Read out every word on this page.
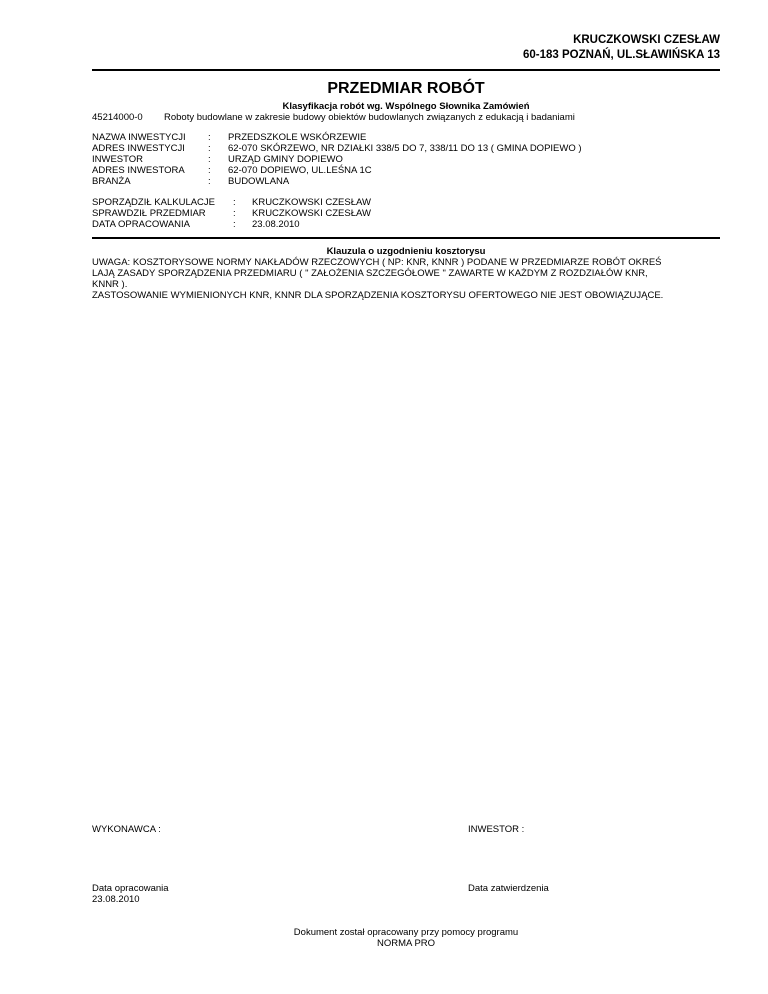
KRUCZKOWSKI CZESŁAW
60-183 POZNAŃ, UL.SŁAWIŃSKA 13
PRZEDMIAR ROBÓT
Klasyfikacja robót wg. Wspólnego Słownika Zamówień
45214000-0 Roboty budowlane w zakresie budowy obiektów budowlanych związanych z edukacją i badaniami
NAZWA INWESTYCJI	: PRZEDSZKOLE WSKÓRZEWIE
ADRES INWESTYCJI	: 62-070 SKÓRZEWO, NR DZIAŁKI 338/5 DO 7, 338/11 DO 13 ( GMINA DOPIEWO )
INWESTOR	: URZĄD GMINY DOPIEWO
ADRES INWESTORA	: 62-070 DOPIEWO, UL.LEŚNA 1C
BRANŻA	: BUDOWLANA
SPORZĄDZIŁ KALKULACJE : KRUCZKOWSKI CZESŁAW
SPRAWDZIŁ PRZEDMIAR	: KRUCZKOWSKI CZESŁAW
DATA OPRACOWANIA	: 23.08.2010
Klauzula o uzgodnieniu kosztorysu
UWAGA: KOSZTORYSOWE NORMY NAKŁADÓW RZECZOWYCH ( NP: KNR, KNNR ) PODANE W PRZEDMIARZE ROBÓT OKREŚ
LAJĄ ZASADY SPORZĄDZENIA PRZEDMIARU ( " ZAŁOŻENIA SZCZEGÓŁOWE " ZAWARTE W KAŻDYM Z ROZDZIAŁÓW KNR,
KNNR ).
ZASTOSOWANIE WYMIENIONYCH KNR, KNNR DLA SPORZĄDZENIA KOSZTORYSU OFERTOWEGO NIE JEST OBOWIĄZUJĄCE.
WYKONAWCA :	INWESTOR :
Data opracowania
23.08.2010
Data zatwierdzenia
Dokument został opracowany przy pomocy programu
NORMA PRO
